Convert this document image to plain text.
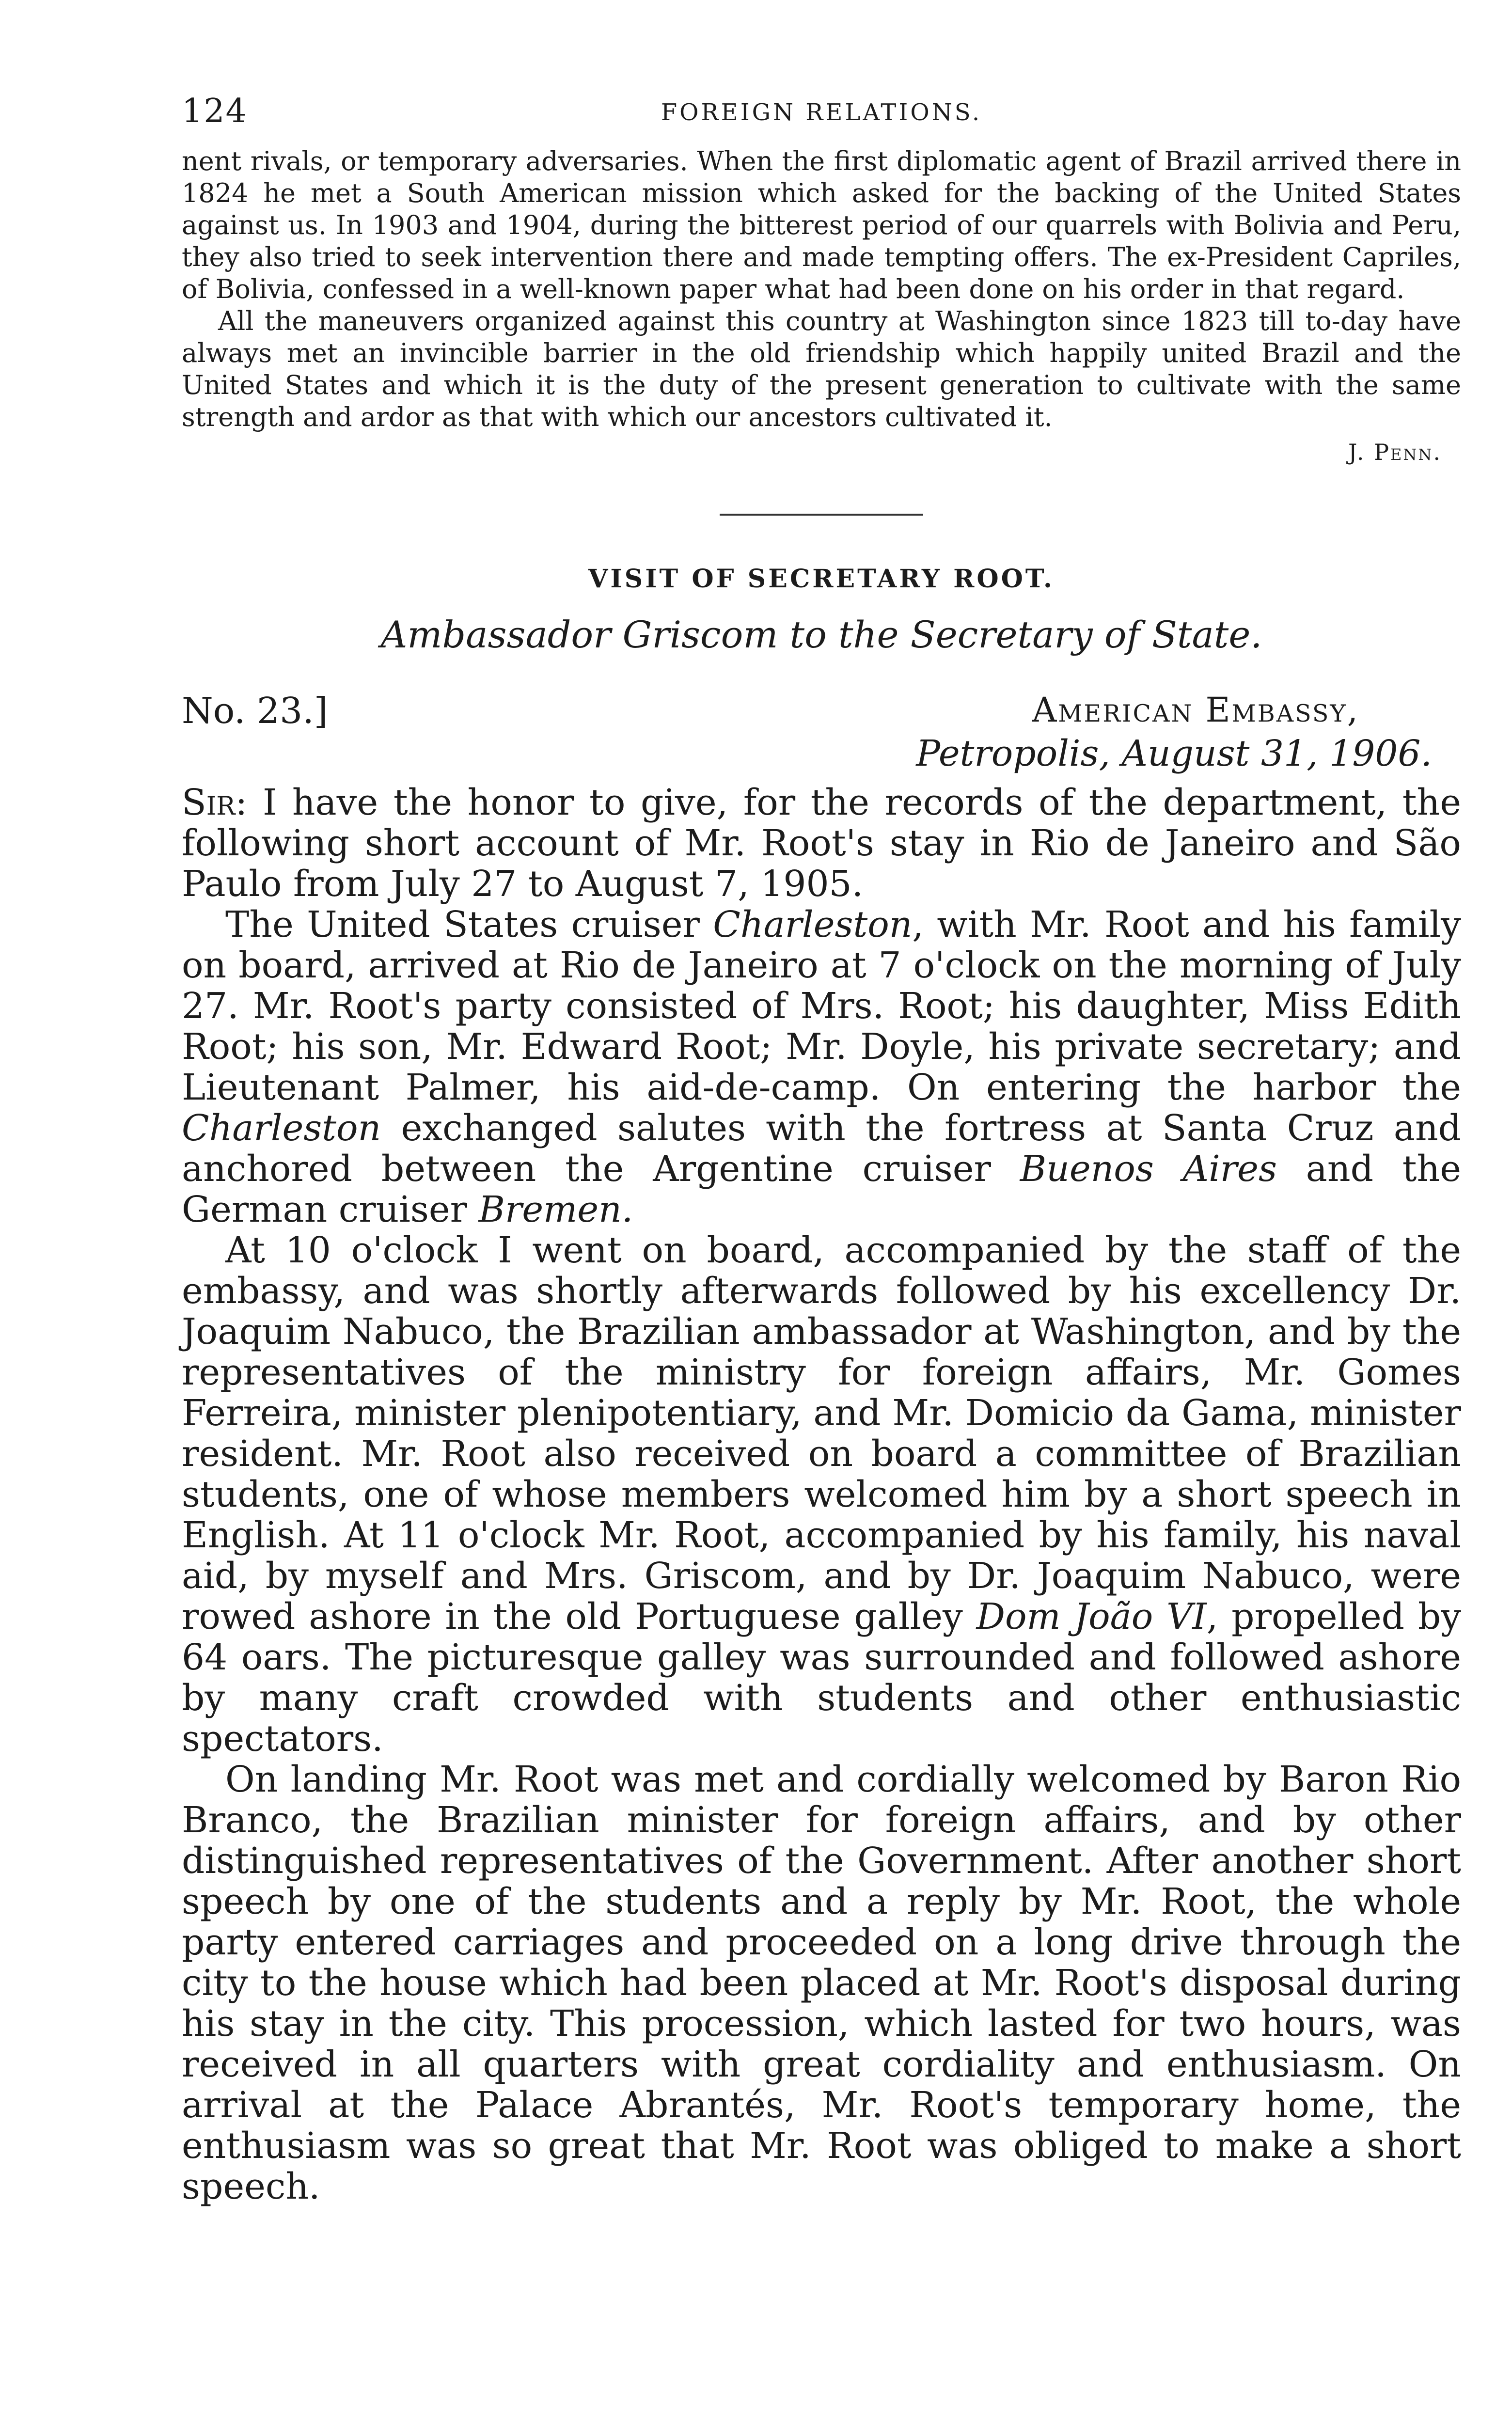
124	FOREIGN RELATIONS.

nent rivals, or temporary adversaries. When the first diplomatic agent of Brazil arrived there in 1824 he met a South American mission which asked for the backing of the United States against us. In 1903 and 1904, during the bitterest period of our quarrels with Bolivia and Peru, they also tried to seek intervention there and made tempting offers. The ex-President Capriles, of Bolivia, confessed in a well-known paper what had been done on his order in that regard.

All the maneuvers organized against this country at Washington since 1823 till to-day have always met an invincible barrier in the old friendship which happily united Brazil and the United States and which it is the duty of the present generation to cultivate with the same strength and ardor as that with which our ancestors cultivated it.

J. Penn.
VISIT OF SECRETARY ROOT.
Ambassador Griscom to the Secretary of State.
No. 23.]	American Embassy,
Petropolis, August 31, 1906.

Sir: I have the honor to give, for the records of the department, the following short account of Mr. Root's stay in Rio de Janeiro and São Paulo from July 27 to August 7, 1905.

The United States cruiser Charleston, with Mr. Root and his family on board, arrived at Rio de Janeiro at 7 o'clock on the morning of July 27. Mr. Root's party consisted of Mrs. Root; his daughter, Miss Edith Root; his son, Mr. Edward Root; Mr. Doyle, his private secretary; and Lieutenant Palmer, his aid-de-camp. On entering the harbor the Charleston exchanged salutes with the fortress at Santa Cruz and anchored between the Argentine cruiser Buenos Aires and the German cruiser Bremen.

At 10 o'clock I went on board, accompanied by the staff of the embassy, and was shortly afterwards followed by his excellency Dr. Joaquim Nabuco, the Brazilian ambassador at Washington, and by the representatives of the ministry for foreign affairs, Mr. Gomes Ferreira, minister plenipotentiary, and Mr. Domicio da Gama, minister resident. Mr. Root also received on board a committee of Brazilian students, one of whose members welcomed him by a short speech in English. At 11 o'clock Mr. Root, accompanied by his family, his naval aid, by myself and Mrs. Griscom, and by Dr. Joaquim Nabuco, were rowed ashore in the old Portuguese galley Dom João VI, propelled by 64 oars. The picturesque galley was surrounded and followed ashore by many craft crowded with students and other enthusiastic spectators.

On landing Mr. Root was met and cordially welcomed by Baron Rio Branco, the Brazilian minister for foreign affairs, and by other distinguished representatives of the Government. After another short speech by one of the students and a reply by Mr. Root, the whole party entered carriages and proceeded on a long drive through the city to the house which had been placed at Mr. Root's disposal during his stay in the city. This procession, which lasted for two hours, was received in all quarters with great cordiality and enthusiasm. On arrival at the Palace Abrantés, Mr. Root's temporary home, the enthusiasm was so great that Mr. Root was obliged to make a short speech.
